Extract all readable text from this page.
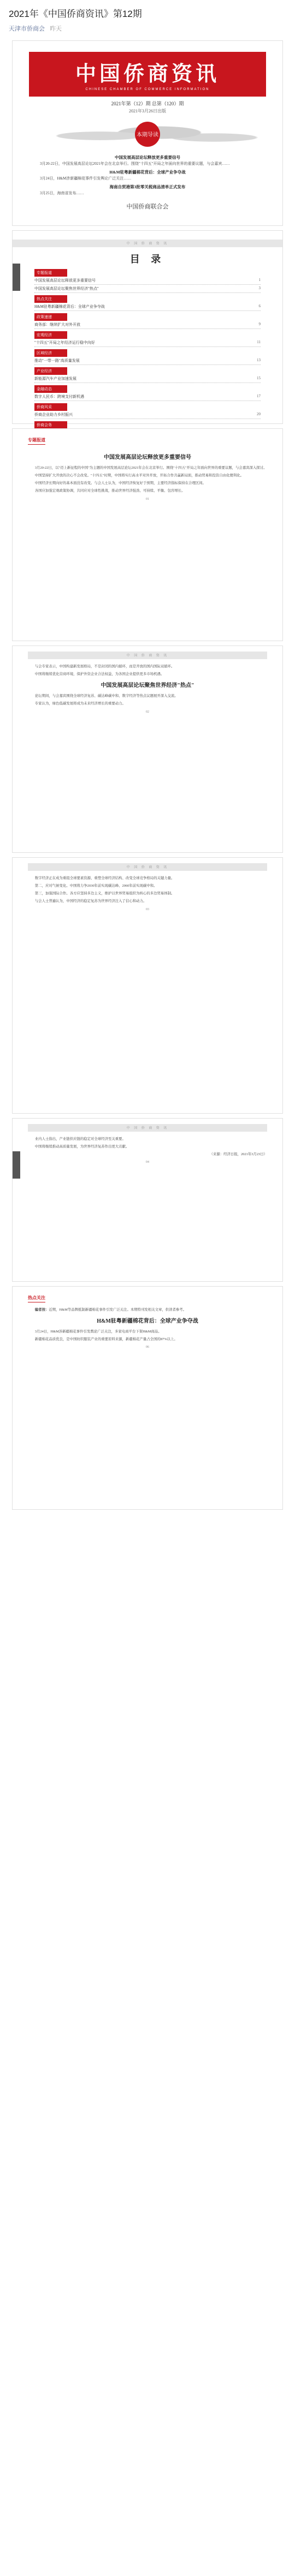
2021年《中国侨商资讯》第12期
天津市侨商会 昨天
中国侨商资讯
CHINESE CHAMBER OF COMMERCE INFORMATION
2021年第（12）期 总第（120）期
2021年3月26日出版
本期导读
中国发展高层论坛释放更多重要信号
3月20-22日，中国发展高层论坛2021年会在北京举行。围绕"十四五"开局之年面向世界的重要议题，与会嘉宾……
H&M驻粤新疆棉花背后：全球产业争夺战
3月24日，H&M涉新疆棉花事件引发舆论广泛关注……
海南自贸港第3批零关税商品清单正式发布
3月25日，海南省发布……
中国侨商联合会
中 国 侨 商 资 讯
目 录
专题报道
中国发展高层论坛释放更多重要信号	1
中国发展高层论坛聚焦世界经济"热点"	3
热点关注
H&M驻粤新疆棉花背后：全球产业争夺战	6
政策速递
商务部：继续扩大对外开放	9
宏观经济
"十四五"开局之年经济运行稳中向好	11
区域经济
推动"一带一路"高质量发展	13
产业经济
新能源汽车产业加速发展	15
金融动态
数字人民币：跨境支付新机遇	17
侨商风采
侨商企业助力乡村振兴	20
侨商会务
专题报道
中国发展高层论坛释放更多重要信号

3月20-22日，以"迈上新征程的中国"为主题的中国发展高层论坛2021年会在北京举行。围绕"十四五"开局之年面向世界的重要议题，与会嘉宾深入探讨。

中国坚持扩大开放的决心不会改变。"十四五"时期，中国将实行高水平对外开放，开拓合作共赢新局面，推动贸易和投资自由化便利化。

中国经济长期向好的基本面没有改变。与会人士认为，中国经济恢复好于预期，主要经济指标保持在合理区间。

各国应加强宏观政策协调，共同应对全球性挑战，推动世界经济强劲、可持续、平衡、包容增长。

01
中 国 侨 商 资 讯

与会专家表示，中国构建新发展格局，不是封闭的国内循环，而是开放的国内国际双循环。

中国将继续优化营商环境，保护外资企业合法权益，为各国企业提供更多市场机遇。

中国发展高层论坛聚焦世界经济"热点"

论坛期间，与会嘉宾围绕全球经济复苏、碳达峰碳中和、数字经济等热点议题展开深入交流。

专家认为，绿色低碳发展将成为未来经济增长的重要动力。

02
中 国 侨 商 资 讯

数字经济正在成为重组全球要素资源、重塑全球经济结构、改变全球竞争格局的关键力量。

第二，应对气候变化。中国将力争2030年前实现碳达峰、2060年前实现碳中和。

第三，加强国际合作。各方应坚持多边主义，维护以世界贸易组织为核心的多边贸易体制。

与会人士普遍认为，中国经济的稳定复苏为世界经济注入了信心和动力。

03
中 国 侨 商 资 讯

业内人士指出，产业链供应链的稳定对全球经济至关重要。

中国将继续推动高质量发展，为世界经济复苏作出更大贡献。

（来源：经济日报，2021年3月23日）
04
热点关注
编者按：近期，H&M等品牌抵制新疆棉花事件引发广泛关注。本期特刊发相关文章，供读者参考。
H&M驻粤新疆棉花背后：全球产业争夺战

3月24日，H&M涉新疆棉花事件引发舆论广泛关注，多家电商平台下架H&M商品。

新疆棉花品质优良，是中国纺织服装产业的重要原料来源，新疆棉花产量占全国的87%以上。

06
